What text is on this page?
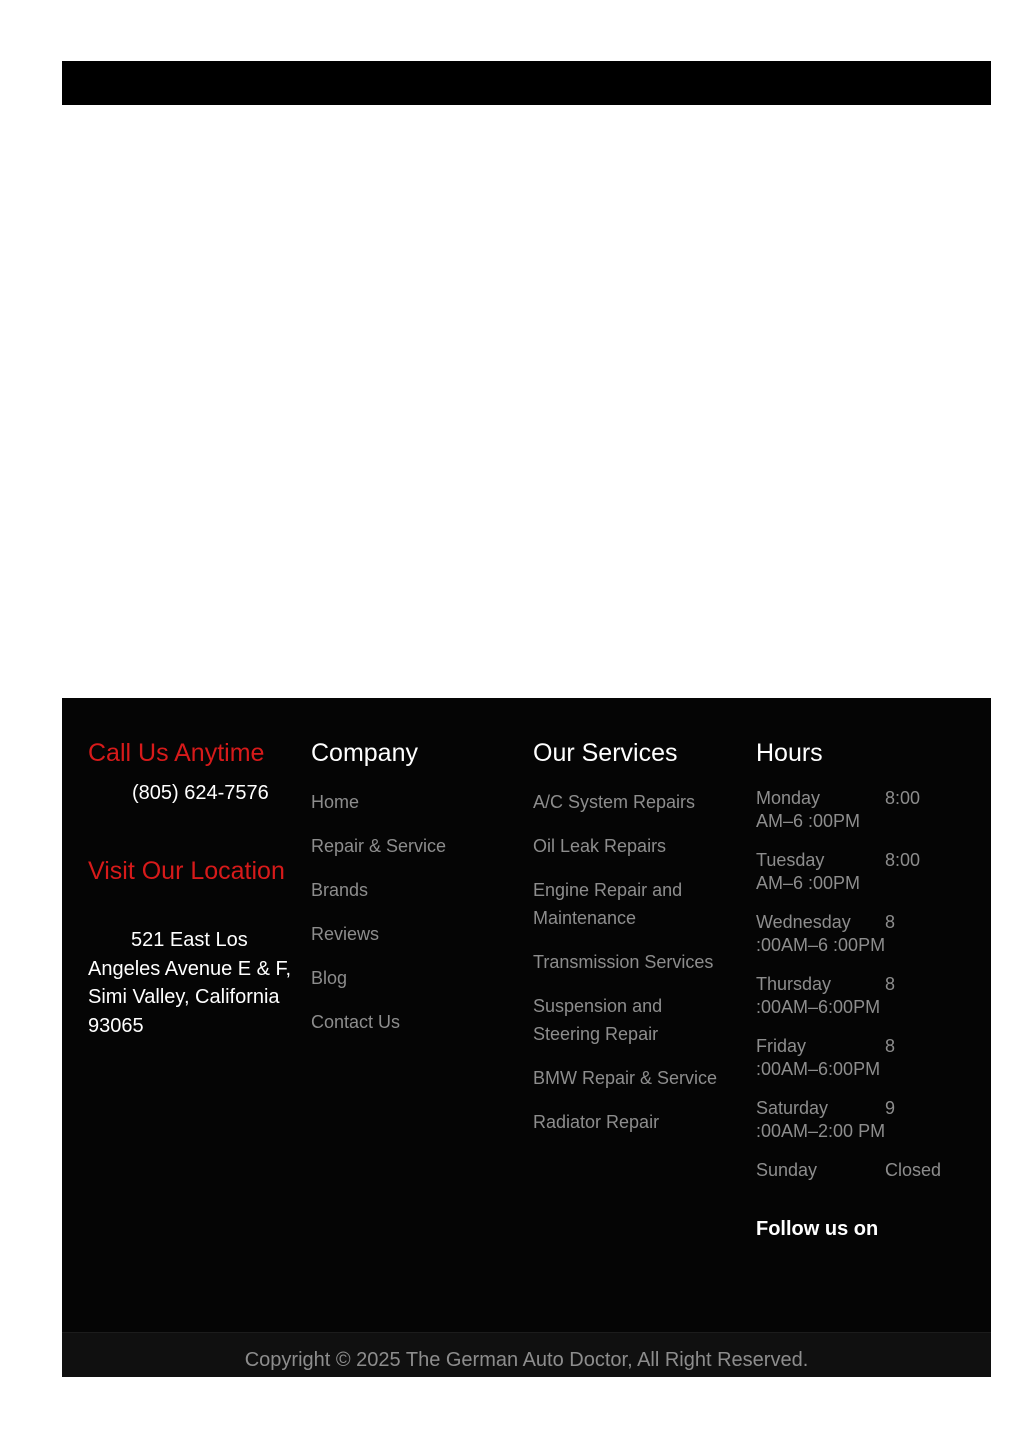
Call Us Anytime
(805) 624-7576
Visit Our Location
521 East Los Angeles Avenue E & F, Simi Valley, California 93065
Company
Home
Repair & Service
Brands
Reviews
Blog
Contact Us
Our Services
A/C System Repairs
Oil Leak Repairs
Engine Repair and Maintenance
Transmission Services
Suspension and Steering Repair
BMW Repair & Service
Radiator Repair
Hours
Monday	8:00
AM–6 :00PM
Tuesday	8:00
AM–6 :00PM
Wednesday 8
:00AM–6 :00PM
Thursday	8
:00AM–6:00PM
Friday	8
:00AM–6:00PM
Saturday	9
:00AM–2:00 PM
Sunday	Closed
Follow us on
Copyright © 2025 The German Auto Doctor, All Right Reserved.
